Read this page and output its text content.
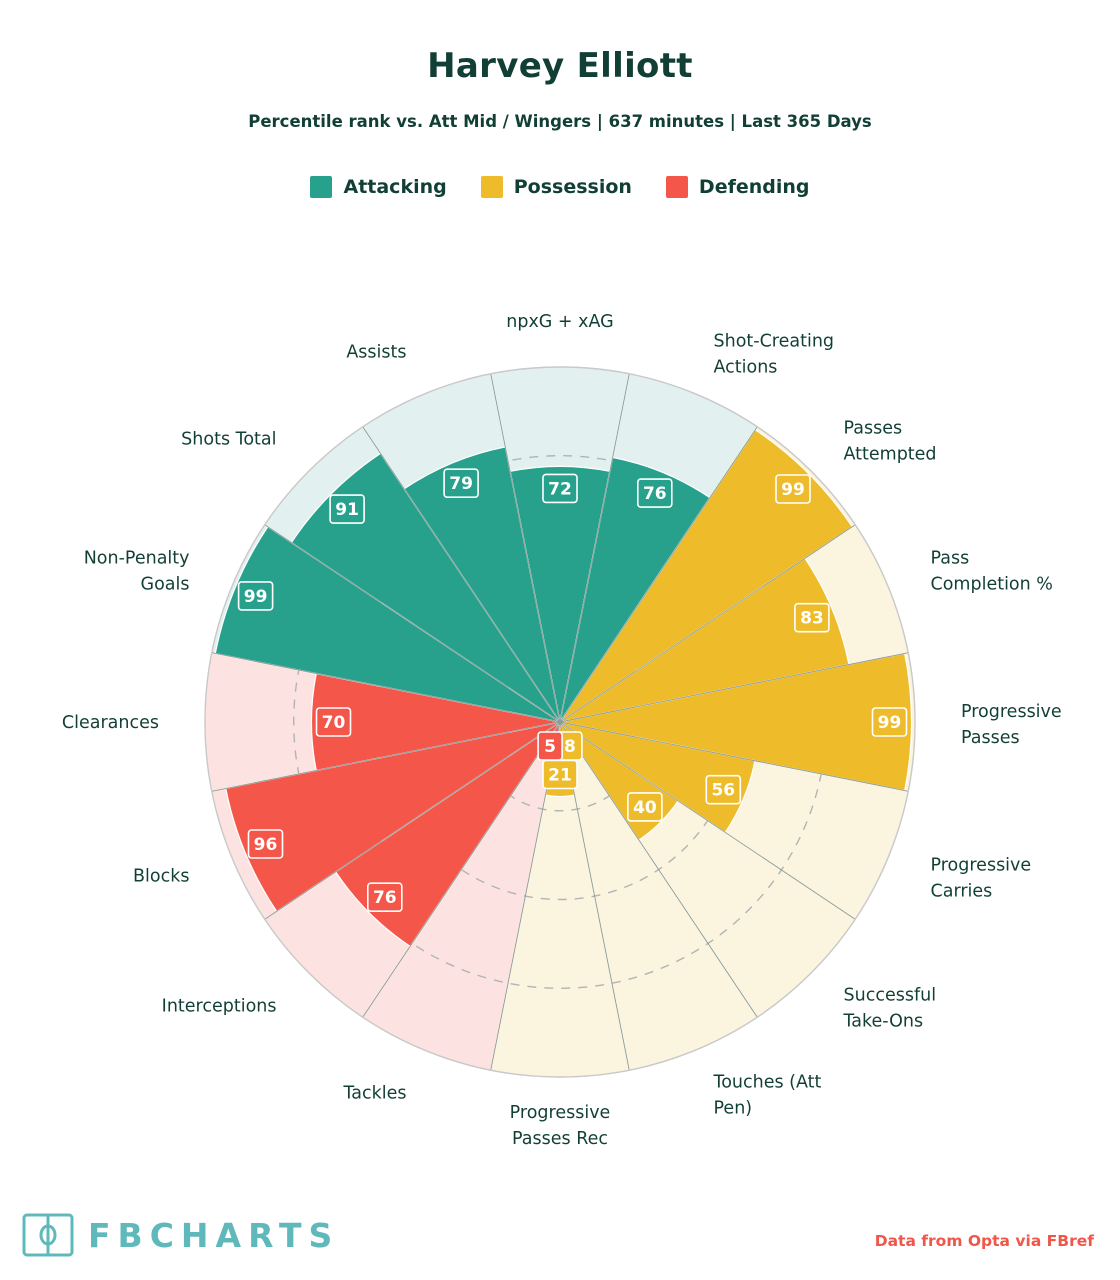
Harvey Elliott
Percentile rank vs. Att Mid / Wingers | 637 minutes | Last 365 Days
Attacking	Possession	Defending
72	76	99
83
99
56
40
8
21
5
76
96
70
99
91
79
npxG + xAG
Shot-Creating Actions
Passes Attempted
Pass Completion %
Progressive Passes
Progressive Carries
Successful Take-Ons
Touches (Att Pen)
Progressive Passes Rec
Tackles
Interceptions
Blocks
Clearances
Non-Penalty Goals
Shots Total
Assists
FBCHARTS	Data from Opta via FBref
